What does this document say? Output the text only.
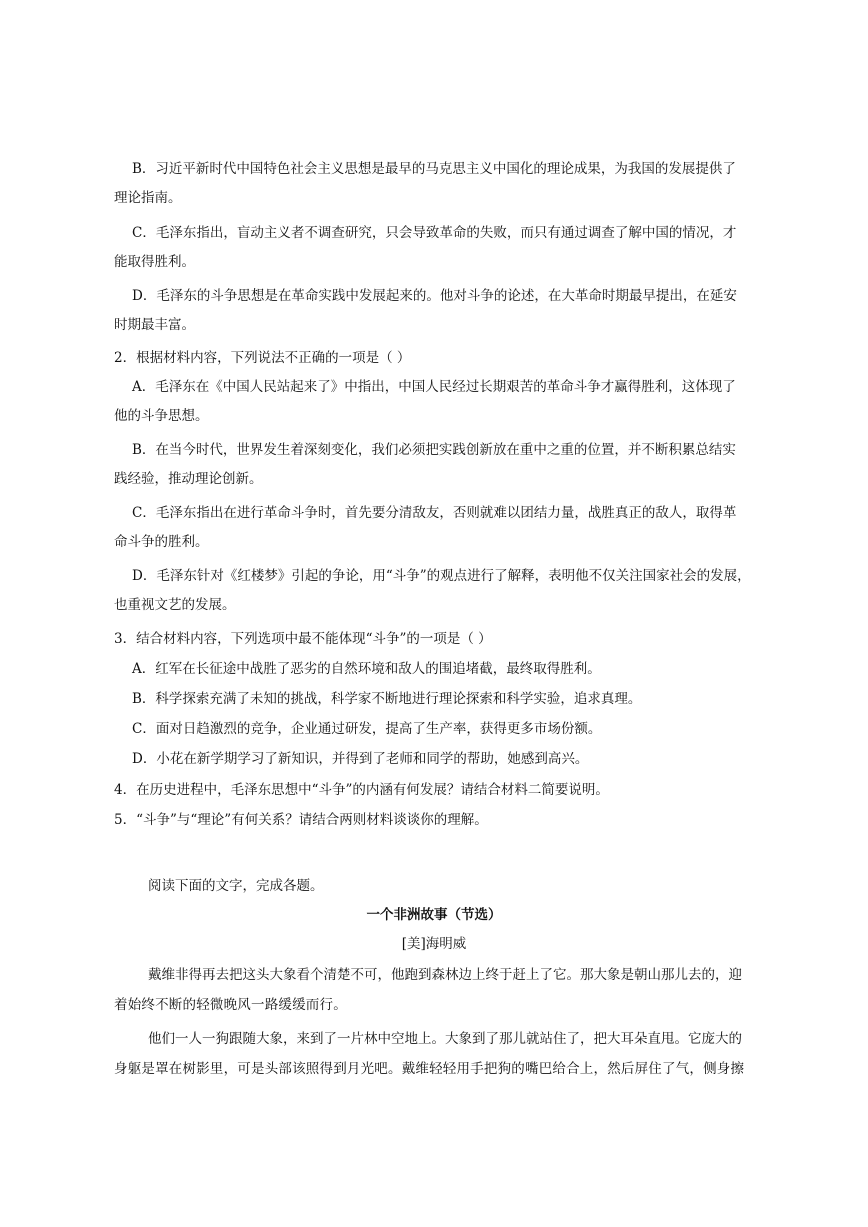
B．习近平新时代中国特色社会主义思想是最早的马克思主义中国化的理论成果，为我国的发展提供了
理论指南。
C．毛泽东指出，盲动主义者不调查研究，只会导致革命的失败，而只有通过调查了解中国的情况，才
能取得胜利。
D．毛泽东的斗争思想是在革命实践中发展起来的。他对斗争的论述，在大革命时期最早提出，在延安
时期最丰富。
2．根据材料内容，下列说法不正确的一项是（ ）
A．毛泽东在《中国人民站起来了》中指出，中国人民经过长期艰苦的革命斗争才赢得胜利，这体现了
他的斗争思想。
B．在当今时代，世界发生着深刻变化，我们必须把实践创新放在重中之重的位置，并不断积累总结实
践经验，推动理论创新。
C．毛泽东指出在进行革命斗争时，首先要分清敌友，否则就难以团结力量，战胜真正的敌人，取得革
命斗争的胜利。
D．毛泽东针对《红楼梦》引起的争论，用“斗争”的观点进行了解释，表明他不仅关注国家社会的发展，
也重视文艺的发展。
3．结合材料内容，下列选项中最不能体现“斗争”的一项是（ ）
A．红军在长征途中战胜了恶劣的自然环境和敌人的围追堵截，最终取得胜利。
B．科学探索充满了未知的挑战，科学家不断地进行理论探索和科学实验，追求真理。
C．面对日趋激烈的竞争，企业通过研发，提高了生产率，获得更多市场份额。
D．小花在新学期学习了新知识，并得到了老师和同学的帮助，她感到高兴。
4．在历史进程中，毛泽东思想中“斗争”的内涵有何发展？请结合材料二简要说明。
5．“斗争”与“理论”有何关系？请结合两则材料谈谈你的理解。
阅读下面的文字，完成各题。
一个非洲故事（节选）
[美]海明威
戴维非得再去把这头大象看个清楚不可，他跑到森林边上终于赶上了它。那大象是朝山那儿去的，迎
着始终不断的轻微晚风一路缓缓而行。
他们一人一狗跟随大象，来到了一片林中空地上。大象到了那儿就站住了，把大耳朵直甩。它庞大的
身躯是罩在树影里，可是头部该照得到月光吧。戴维轻轻用手把狗的嘴巴给合上，然后屏住了气，侧身擦
